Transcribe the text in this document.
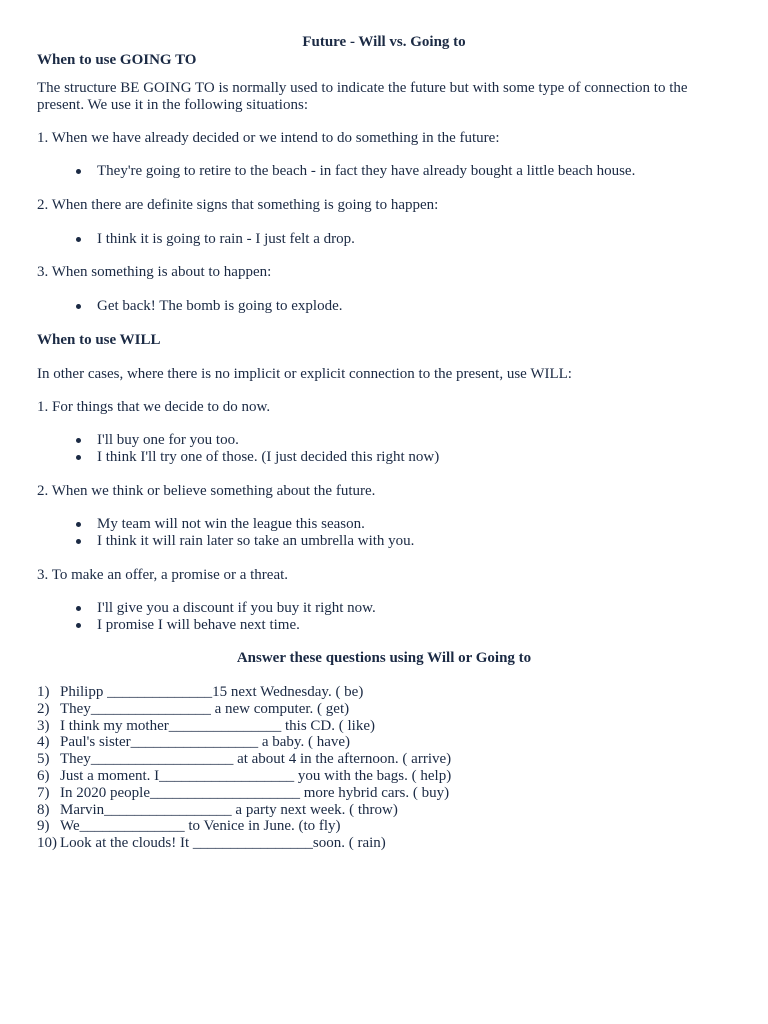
Future - Will vs. Going to
When to use GOING TO
The structure BE GOING TO is normally used to indicate the future but with some type of connection to the present. We use it in the following situations:
1. When we have already decided or we intend to do something in the future:
They're going to retire to the beach - in fact they have already bought a little beach house.
2. When there are definite signs that something is going to happen:
I think it is going to rain - I just felt a drop.
3. When something is about to happen:
Get back! The bomb is going to explode.
When to use WILL
In other cases, where there is no implicit or explicit connection to the present, use WILL:
1. For things that we decide to do now.
I'll buy one for you too.
I think I'll try one of those. (I just decided this right now)
2. When we think or believe something about the future.
My team will not win the league this season.
I think it will rain later so take an umbrella with you.
3. To make an offer, a promise or a threat.
I'll give you a discount if you buy it right now.
I promise I will behave next time.
Answer these questions using Will or Going to
1) Philipp ______________15 next Wednesday. ( be)
2) They________________ a new computer. ( get)
3) I think my mother_______________ this CD. ( like)
4) Paul's sister_________________ a baby. ( have)
5) They___________________ at about 4 in the afternoon. ( arrive)
6) Just a moment. I__________________ you with the bags. ( help)
7) In 2020 people____________________ more hybrid cars. ( buy)
8) Marvin_________________ a party next week. ( throw)
9) We______________ to Venice in June. (to fly)
10) Look at the clouds! It ________________soon. ( rain)
